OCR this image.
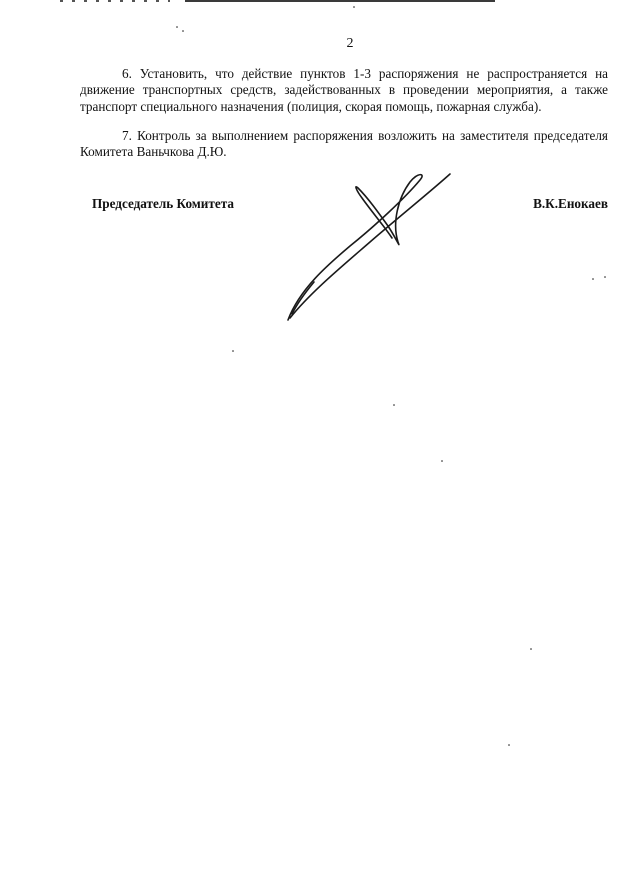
2

6. Установить, что действие пунктов 1-3 распоряжения не распространяется на движение транспортных средств, задействованных в проведении мероприятия, а также транспорт специального назначения (полиция, скорая помощь, пожарная служба).

7. Контроль за выполнением распоряжения возложить на заместителя председателя Комитета Ваньчкова Д.Ю.

Председатель Комитета	В.К.Енокаев
